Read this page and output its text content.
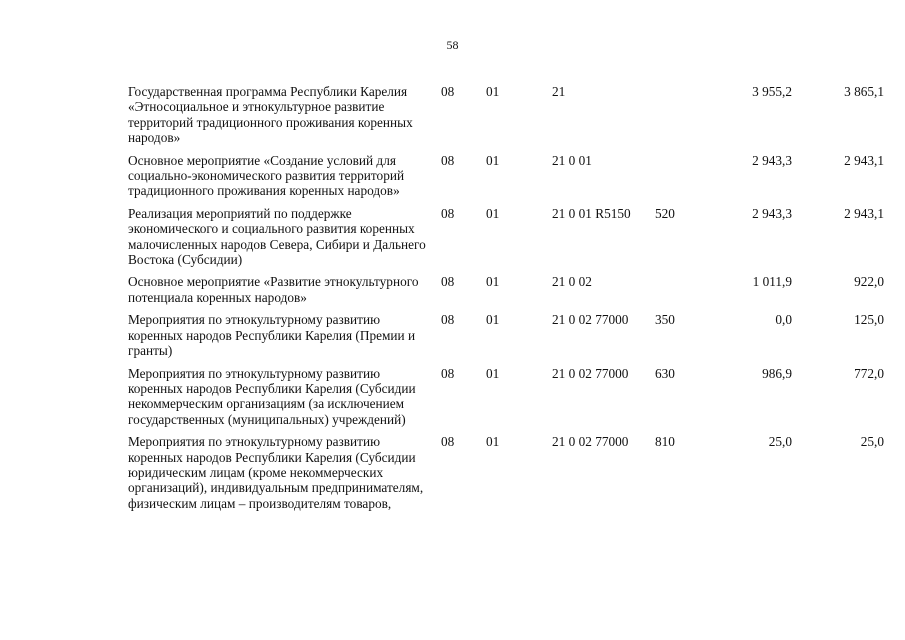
58
Государственная программа Республики Карелия «Этносоциальное и этнокультурное развитие территорий традиционного проживания коренных народов»
08 01	21	3 955,2	3 865,1
Основное мероприятие «Создание условий для социально-экономического развития территорий традиционного проживания коренных народов»
08 01	21 0 01	2 943,3	2 943,1
Реализация мероприятий по поддержке экономического и социального развития коренных малочисленных народов Севера, Сибири и Дальнего Востока (Субсидии)
08 01	21 0 01 R5150 520	2 943,3	2 943,1
Основное мероприятие «Развитие этнокультурного потенциала коренных народов»
08 01	21 0 02	1 011,9	922,0
Мероприятия по этнокультурному развитию коренных народов Республики Карелия (Премии и гранты)
08 01	21 0 02 77000 350	0,0	125,0
Мероприятия по этнокультурному развитию коренных народов Республики Карелия (Субсидии некоммерческим организациям (за исключением государственных (муниципальных) учреждений)
08 01	21 0 02 77000 630	986,9	772,0
Мероприятия по этнокультурному развитию коренных народов Республики Карелия (Субсидии юридическим лицам (кроме некоммерческих организаций), индивидуальным предпринимателям, физическим лицам – производителям товаров,
08 01	21 0 02 77000 810	25,0	25,0
